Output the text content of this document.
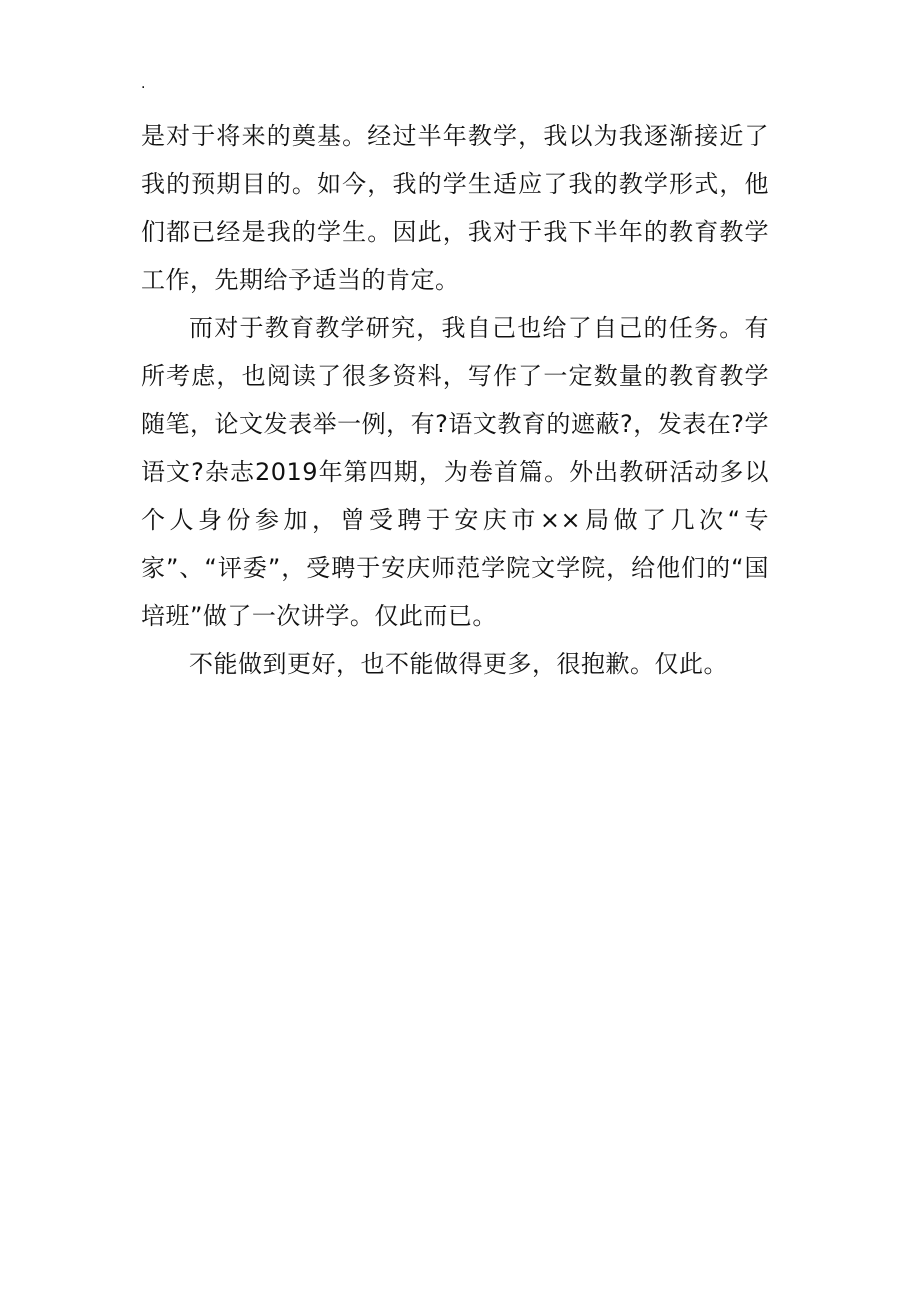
.

是对于将来的奠基。经过半年教学，我以为我逐渐接近了我的预期目的。如今，我的学生适应了我的教学形式，他们都已经是我的学生。因此，我对于我下半年的教育教学工作，先期给予适当的肯定。

而对于教育教学研究，我自己也给了自己的任务。有所考虑，也阅读了很多资料，写作了一定数量的教育教学随笔，论文发表举一例，有?语文教育的遮蔽?，发表在?学语文?杂志2019年第四期，为卷首篇。外出教研活动多以个人身份参加，曾受聘于安庆市××局做了几次“专家”、“评委”，受聘于安庆师范学院文学院，给他们的“国培班”做了一次讲学。仅此而已。

不能做到更好，也不能做得更多，很抱歉。仅此。
